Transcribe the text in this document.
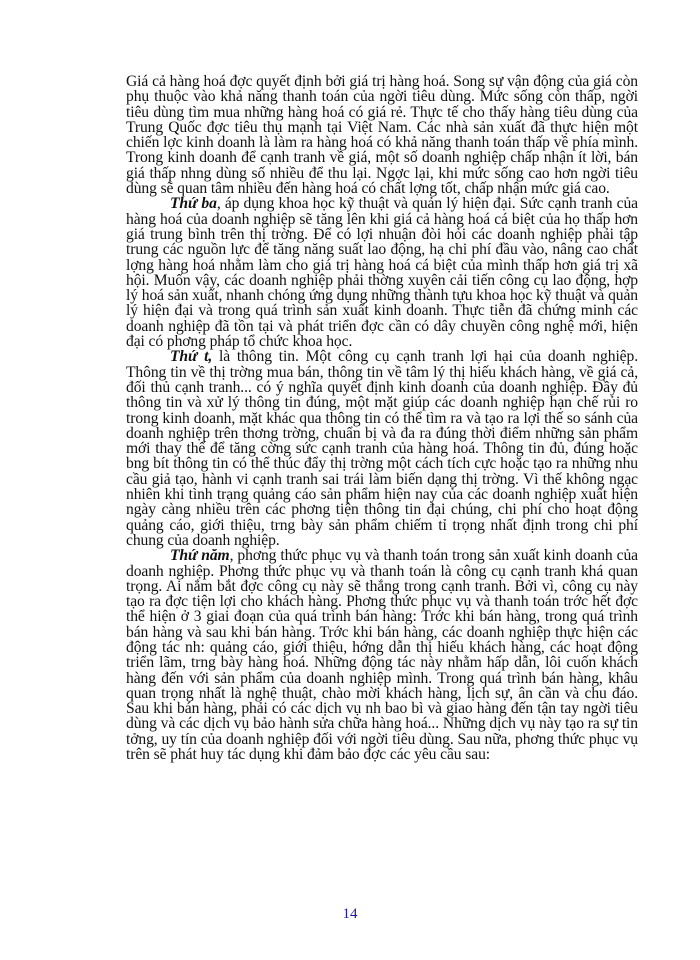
Giá cả hàng hoá đợc quyết định bởi giá trị hàng hoá. Song sự vận động của giá còn phụ thuộc vào khả năng thanh toán của ngời tiêu dùng. Mức sống còn thấp, ngời tiêu dùng tìm mua những hàng hoá có giá rẻ. Thực tế cho thấy hàng tiêu dùng của Trung Quốc đợc tiêu thụ mạnh tại Việt Nam. Các nhà sản xuất đã thực hiện một chiến lợc kinh doanh là làm ra hàng hoá có khả năng thanh toán thấp về phía mình. Trong kinh doanh để cạnh tranh về giá, một số doanh nghiệp chấp nhận ít lời, bán giá thấp nhng dùng số nhiều để thu lại. Ngợc lại, khi mức sống cao hơn ngời tiêu dùng sẽ quan tâm nhiều đến hàng hoá có chất lợng tốt, chấp nhận mức giá cao.

Thứ ba, áp dụng khoa học kỹ thuật và quản lý hiện đại. Sức cạnh tranh của hàng hoá của doanh nghiệp sẽ tăng lên khi giá cả hàng hoá cá biệt của họ thấp hơn giá trung bình trên thị trờng. Để có lợi nhuận đòi hỏi các doanh nghiệp phải tập trung các nguồn lực để tăng năng suất lao động, hạ chi phí đầu vào, nâng cao chất lợng hàng hoá nhằm làm cho giá trị hàng hoá cá biệt của mình thấp hơn giá trị xã hội. Muốn vậy, các doanh nghiệp phải thờng xuyên cải tiến công cụ lao động, hợp lý hoá sản xuất, nhanh chóng ứng dụng những thành tựu khoa học kỹ thuật và quản lý hiện đại và trong quá trình sản xuất kinh doanh. Thực tiễn đã chứng minh các doanh nghiệp đã tồn tại và phát triển đợc cần có dây chuyền công nghệ mới, hiện đại có phơng pháp tổ chức khoa học.

Thứ t, là thông tin. Một công cụ cạnh tranh lợi hại của doanh nghiệp. Thông tin về thị trờng mua bán, thông tin về tâm lý thị hiếu khách hàng, về giá cả, đối thủ cạnh tranh... có ý nghĩa quyết định kinh doanh của doanh nghiệp. Đầy đủ thông tin và xử lý thông tin đúng, một mặt giúp các doanh nghiệp hạn chế rủi ro trong kinh doanh, mặt khác qua thông tin có thể tìm ra và tạo ra lợi thế so sánh của doanh nghiệp trên thơng trờng, chuẩn bị và đa ra đúng thời điểm những sản phẩm mới thay thế để tăng cờng sức cạnh tranh của hàng hoá. Thông tin đủ, đúng hoặc bng bít thông tin có thể thúc đẩy thị trờng một cách tích cực hoặc tạo ra những nhu cầu giả tạo, hành vi cạnh tranh sai trái làm biến dạng thị trờng. Vì thế không ngạc nhiên khi tình trạng quảng cáo sản phẩm hiện nay của các doanh nghiệp xuất hiện ngày càng nhiều trên các phơng tiện thông tin đại chúng, chi phí cho hoạt động quảng cáo, giới thiệu, trng bày sản phẩm chiếm tỉ trọng nhất định trong chi phí chung của doanh nghiệp.

Thứ năm, phơng thức phục vụ và thanh toán trong sản xuất kinh doanh của doanh nghiệp. Phơng thức phục vụ và thanh toán là công cụ cạnh tranh khá quan trọng. Ai nắm bắt đợc công cụ này sẽ thắng trong cạnh tranh. Bởi vì, công cụ này tạo ra đợc tiện lợi cho khách hàng. Phơng thức phục vụ và thanh toán trớc hết đợc thể hiện ở 3 giai đoạn của quá trình bán hàng: Trớc khi bán hàng, trong quá trình bán hàng và sau khi bán hàng. Trớc khi bán hàng, các doanh nghiệp thực hiện các động tác nh: quảng cáo, giới thiệu, hớng dẫn thị hiếu khách hàng, các hoạt động triển lãm, trng bày hàng hoá. Những động tác này nhằm hấp dẫn, lôi cuốn khách hàng đến với sản phẩm của doanh nghiệp mình. Trong quá trình bán hàng, khâu quan trọng nhất là nghệ thuật, chào mời khách hàng, lịch sự, ân cần và chu đáo. Sau khi bán hàng, phải có các dịch vụ nh bao bì và giao hàng đến tận tay ngời tiêu dùng và các dịch vụ bảo hành sửa chữa hàng hoá... Những dịch vụ này tạo ra sự tin tởng, uy tín của doanh nghiệp đối với ngời tiêu dùng. Sau nữa, phơng thức phục vụ trên sẽ phát huy tác dụng khi đảm bảo đợc các yêu cầu sau:

14
